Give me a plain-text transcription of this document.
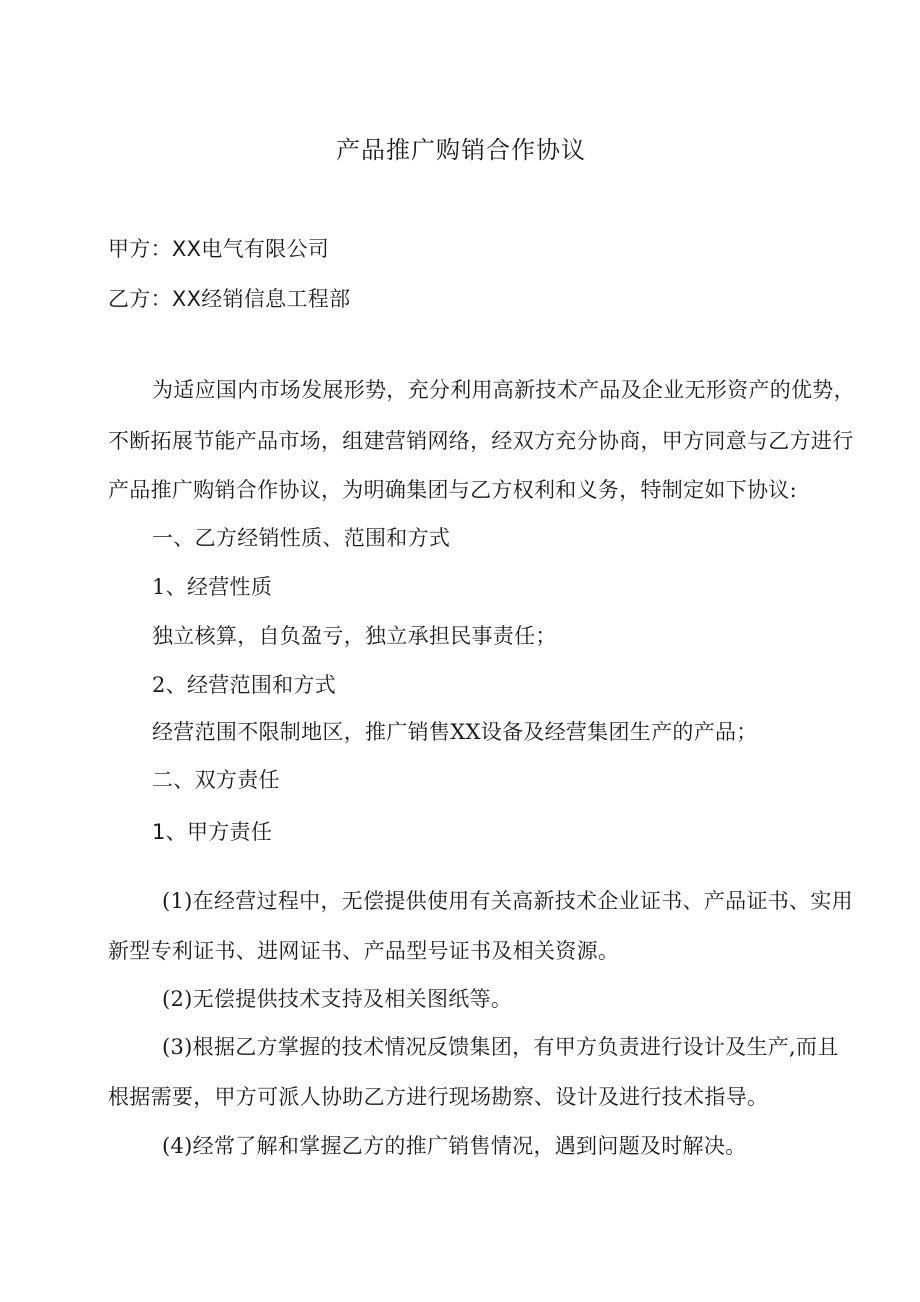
产品推广购销合作协议
甲方：XX电气有限公司
乙方：XX经销信息工程部
为适应国内市场发展形势，充分利用高新技术产品及企业无形资产的优势，
不断拓展节能产品市场，组建营销网络，经双方充分协商，甲方同意与乙方进行
产品推广购销合作协议，为明确集团与乙方权利和义务，特制定如下协议:
一、乙方经销性质、范围和方式
1、经营性质
独立核算，自负盈亏，独立承担民事责任；
2、经营范围和方式
经营范围不限制地区，推广销售XX设备及经营集团生产的产品；
二、双方责任
1、甲方责任
(1)在经营过程中，无偿提供使用有关高新技术企业证书、产品证书、实用
新型专利证书、进网证书、产品型号证书及相关资源。
(2)无偿提供技术支持及相关图纸等。
(3)根据乙方掌握的技术情况反馈集团，有甲方负责进行设计及生产,而且
根据需要，甲方可派人协助乙方进行现场勘察、设计及进行技术指导。
(4)经常了解和掌握乙方的推广销售情况，遇到问题及时解决。
